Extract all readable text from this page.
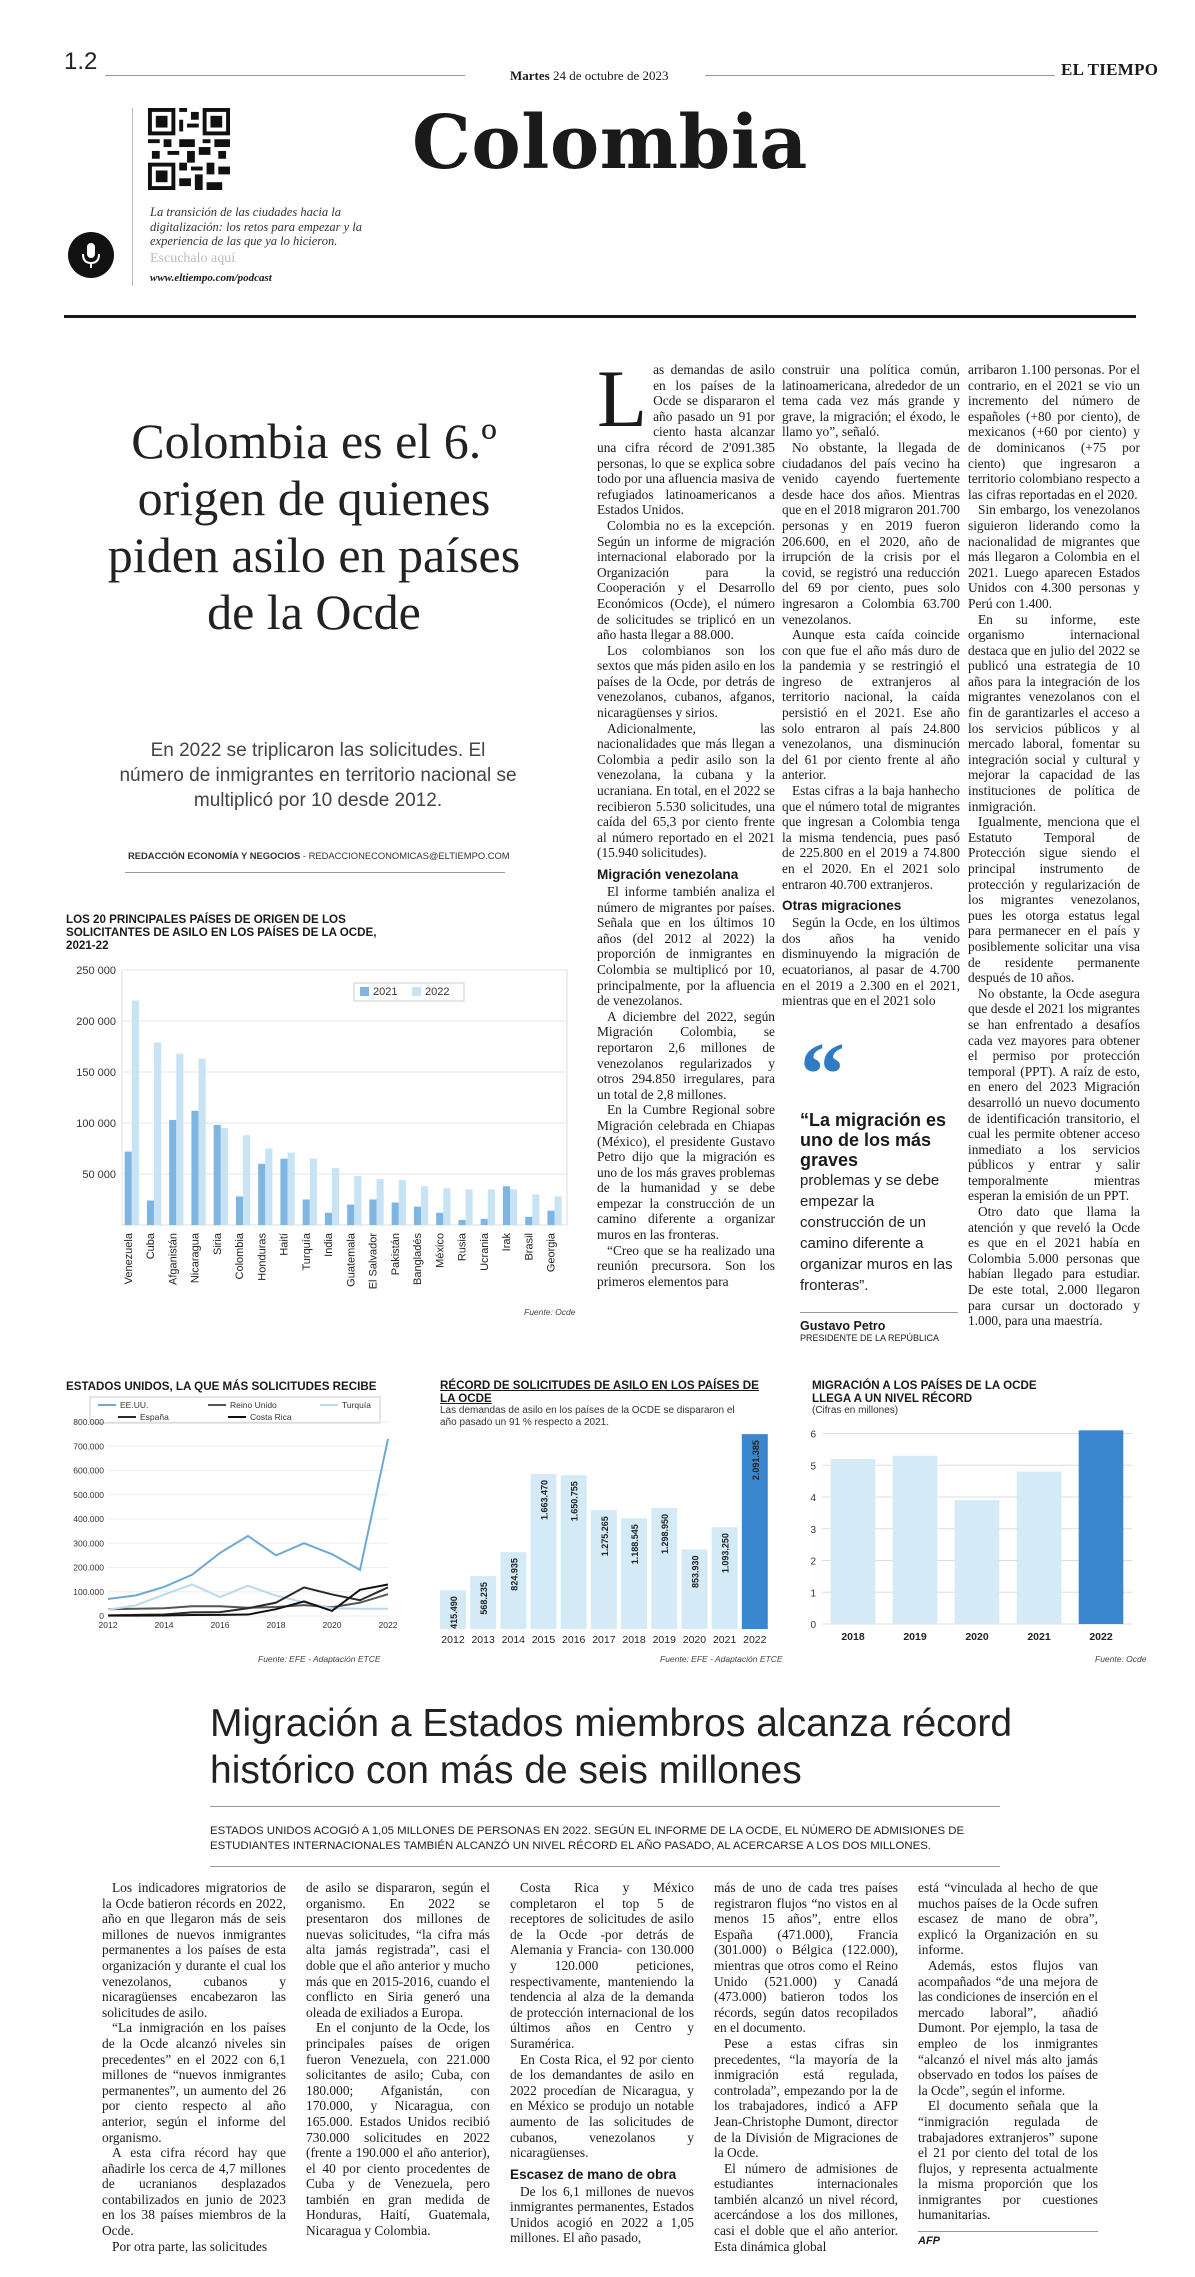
1.2
Martes 24 de octubre de 2023	EL TIEMPO
La transición de las ciudades hacia la digitalización: los retos para empezar y la experiencia de las que ya lo hicieron.
Escuchalo aquí
www.eltiempo.com/podcast
Colombia
Colombia es el 6.º origen de quienes piden asilo en países de la Ocde
En 2022 se triplicaron las solicitudes. El número de inmigrantes en territorio nacional se multiplicó por 10 desde 2012.
REDACCIÓN ECONOMÍA Y NEGOCIOS - REDACCIONECONOMICAS@ELTIEMPO.COM
LOS 20 PRINCIPALES PAÍSES DE ORIGEN DE LOS SOLICITANTES DE ASILO EN LOS PAÍSES DE LA OCDE, 2021-22
250 000
200 000
150 000
100 000
50 000
Venezuela Cuba Afganistán Nicaragua Siria Colombia Honduras Haití Turquía India Guatemala El Salvador Pakistán Bangladés México Rusia Ucrania Irak Brasil Georgia
2021	2022
Fuente: Ocde
L as demandas de asilo en los países de la Ocde se dispararon el año pasado un 91 por ciento hasta alcanzar una cifra récord de 2'091.385 personas, lo que se explica sobre todo por una afluencia masiva de refugiados latinoamericanos a Estados Unidos.

Colombia no es la excepción. Según un informe de migración internacional elaborado por la Organización para la Cooperación y el Desarrollo Económicos (Ocde), el número de solicitudes se triplicó en un año hasta llegar a 88.000.

Los colombianos son los sextos que más piden asilo en los países de la Ocde, por detrás de venezolanos, cubanos, afganos, nicaragüenses y sirios.

Adicionalmente, las nacionalidades que más llegan a Colombia a pedir asilo son la venezolana, la cubana y la ucraniana. En total, en el 2022 se recibieron 5.530 solicitudes, una caída del 65,3 por ciento frente al número reportado en el 2021 (15.940 solicitudes).

Migración venezolana

El informe también analiza el número de migrantes por países. Señala que en los últimos 10 años (del 2012 al 2022) la proporción de inmigrantes en Colombia se multiplicó por 10, principalmente, por la afluencia de venezolanos.

A diciembre del 2022, según Migración Colombia, se reportaron 2,6 millones de venezolanos regularizados y otros 294.850 irregulares, para un total de 2,8 millones.

En la Cumbre Regional sobre Migración celebrada en Chiapas (México), el presidente Gustavo Petro dijo que la migración es uno de los más graves problemas de la humanidad y se debe empezar la construcción de un camino diferente a organizar muros en las fronteras.

“Creo que se ha realizado una reunión precursora. Son los primeros elementos para

construir una política común, latinoamericana, alrededor de un tema cada vez más grande y grave, la migración; el éxodo, le llamo yo”, señaló.

No obstante, la llegada de ciudadanos del país vecino ha venido cayendo fuertemente desde hace dos años. Mientras que en el 2018 migraron 201.700 personas y en 2019 fueron 206.600, en el 2020, año de irrupción de la crisis por el covid, se registró una reducción del 69 por ciento, pues solo ingresaron a Colombia 63.700 venezolanos.

Aunque esta caída coincide con que fue el año más duro de la pandemia y se restringió el ingreso de extranjeros al territorio nacional, la caída persistió en el 2021. Ese año solo entraron al país 24.800 venezolanos, una disminución del 61 por ciento frente al año anterior.

Estas cifras a la baja hanhecho que el número total de migrantes que ingresan a Colombia tenga la misma tendencia, pues pasó de 225.800 en el 2019 a 74.800 en el 2020. En el 2021 solo entraron 40.700 extranjeros.

Otras migraciones

Según la Ocde, en los últimos dos años ha venido disminuyendo la migración de ecuatorianos, al pasar de 4.700 en el 2019 a 2.300 en el 2021, mientras que en el 2021 solo

“
“La migración es uno de los más graves
problemas y se debe empezar la construcción de un camino diferente a organizar muros en las fronteras”.
Gustavo Petro
PRESIDENTE DE LA REPÚBLICA

arribaron 1.100 personas. Por el contrario, en el 2021 se vio un incremento del número de españoles (+80 por ciento), de mexicanos (+60 por ciento) y de dominicanos (+75 por ciento) que ingresaron a territorio colombiano respecto a las cifras reportadas en el 2020.

Sin embargo, los venezolanos siguieron liderando como la nacionalidad de migrantes que más llegaron a Colombia en el 2021. Luego aparecen Estados Unidos con 4.300 personas y Perú con 1.400.

En su informe, este organismo internacional destaca que en julio del 2022 se publicó una estrategia de 10 años para la integración de los migrantes venezolanos con el fin de garantizarles el acceso a los servicios públicos y al mercado laboral, fomentar su integración social y cultural y mejorar la capacidad de las instituciones de política de inmigración.

Igualmente, menciona que el Estatuto Temporal de Protección sigue siendo el principal instrumento de protección y regularización de los migrantes venezolanos, pues les otorga estatus legal para permanecer en el país y posiblemente solicitar una visa de residente permanente después de 10 años.

No obstante, la Ocde asegura que desde el 2021 los migrantes se han enfrentado a desafíos cada vez mayores para obtener el permiso por protección temporal (PPT). A raíz de esto, en enero del 2023 Migración desarrolló un nuevo documento de identificación transitorio, el cual les permite obtener acceso inmediato a los servicios públicos y entrar y salir temporalmente mientras esperan la emisión de un PPT.

Otro dato que llama la atención y que reveló la Ocde es que en el 2021 había en Colombia 5.000 personas que habían llegado para estudiar. De este total, 2.000 llegaron para cursar un doctorado y 1.000, para una maestría.

ESTADOS UNIDOS, LA QUE MÁS SOLICITUDES RECIBE
EE.UU.	Reino Unido	Turquía
España	Costa Rica
800.000
700.000
600.000
500.000
400.000
300.000
200.000
100.000
0
2012	2014	2016	2018	2020	2022
Fuente: EFE - Adaptación ETCE
RÉCORD DE SOLICITUDES DE ASILO EN LOS PAÍSES DE LA OCDE
Las demandas de asilo en los países de la OCDE se dispararon el año pasado un 91 % respecto a 2021.
415.490
2012
568.235
2013
824.935
2014
1.663.470
2015
1.650.755
2016
1.275.265
2017
1.188.545
2018
1.298.950
2019
853.930
2020
1.093.250
2021
2.091.385
2022
Fuente: EFE - Adaptación ETCE
MIGRACIÓN A LOS PAÍSES DE LA OCDE LLEGA A UN NIVEL RÉCORD
(Cifras en millones)
6
5
4
3
2
1
0
2018	2019	2020	2021	2022
Fuente: Ocde
Migración a Estados miembros alcanza récord histórico con más de seis millones
ESTADOS UNIDOS ACOGIÓ A 1,05 MILLONES DE PERSONAS EN 2022. SEGÚN EL INFORME DE LA OCDE, EL NÚMERO DE ADMISIONES DE ESTUDIANTES INTERNACIONALES TAMBIÉN ALCANZÓ UN NIVEL RÉCORD EL AÑO PASADO, AL ACERCARSE A LOS DOS MILLONES.

Los indicadores migratorios de la Ocde batieron récords en 2022, año en que llegaron más de seis millones de nuevos inmigrantes permanentes a los países de esta organización y durante el cual los venezolanos, cubanos y nicaragüenses encabezaron las solicitudes de asilo.

“La inmigración en los países de la Ocde alcanzó niveles sin precedentes” en el 2022 con 6,1 millones de “nuevos inmigrantes permanentes”, un aumento del 26 por ciento respecto al año anterior, según el informe del organismo.

A esta cifra récord hay que añadirle los cerca de 4,7 millones de ucranianos desplazados contabilizados en junio de 2023 en los 38 países miembros de la Ocde.

Por otra parte, las solicitudes

de asilo se dispararon, según el organismo. En 2022 se presentaron dos millones de nuevas solicitudes, “la cifra más alta jamás registrada”, casi el doble que el año anterior y mucho más que en 2015-2016, cuando el conflicto en Siria generó una oleada de exiliados a Europa.

En el conjunto de la Ocde, los principales países de origen fueron Venezuela, con 221.000 solicitantes de asilo; Cuba, con 180.000; Afganistán, con 170.000, y Nicaragua, con 165.000. Estados Unidos recibió 730.000 solicitudes en 2022 (frente a 190.000 el año anterior), el 40 por ciento procedentes de Cuba y de Venezuela, pero también en gran medida de Honduras, Haití, Guatemala, Nicaragua y Colombia.

Costa Rica y México completaron el top 5 de receptores de solicitudes de asilo de la Ocde -por detrás de Alemania y Francia- con 130.000 y 120.000 peticiones, respectivamente, manteniendo la tendencia al alza de la demanda de protección internacional de los últimos años en Centro y Suramérica.

En Costa Rica, el 92 por ciento de los demandantes de asilo en 2022 procedían de Nicaragua, y en México se produjo un notable aumento de las solicitudes de cubanos, venezolanos y nicaragüenses.

Escasez de mano de obra

De los 6,1 millones de nuevos inmigrantes permanentes, Estados Unidos acogió en 2022 a 1,05 millones. El año pasado,

más de uno de cada tres países registraron flujos “no vistos en al menos 15 años”, entre ellos España (471.000), Francia (301.000) o Bélgica (122.000), mientras que otros como el Reino Unido (521.000) y Canadá (473.000) batieron todos los récords, según datos recopilados en el documento.

Pese a estas cifras sin precedentes, “la mayoría de la inmigración está regulada, controlada”, empezando por la de los trabajadores, indicó a AFP Jean-Christophe Dumont, director de la División de Migraciones de la Ocde.

El número de admisiones de estudiantes internacionales también alcanzó un nivel récord, acercándose a los dos millones, casi el doble que el año anterior. Esta dinámica global

está “vinculada al hecho de que muchos países de la Ocde sufren escasez de mano de obra”, explicó la Organización en su informe.

Además, estos flujos van acompañados “de una mejora de las condiciones de inserción en el mercado laboral”, añadió Dumont. Por ejemplo, la tasa de empleo de los inmigrantes “alcanzó el nivel más alto jamás observado en todos los países de la Ocde”, según el informe.

El documento señala que la “inmigración regulada de trabajadores extranjeros” supone el 21 por ciento del total de los flujos, y representa actualmente la misma proporción que los inmigrantes por cuestiones humanitarias.

AFP
